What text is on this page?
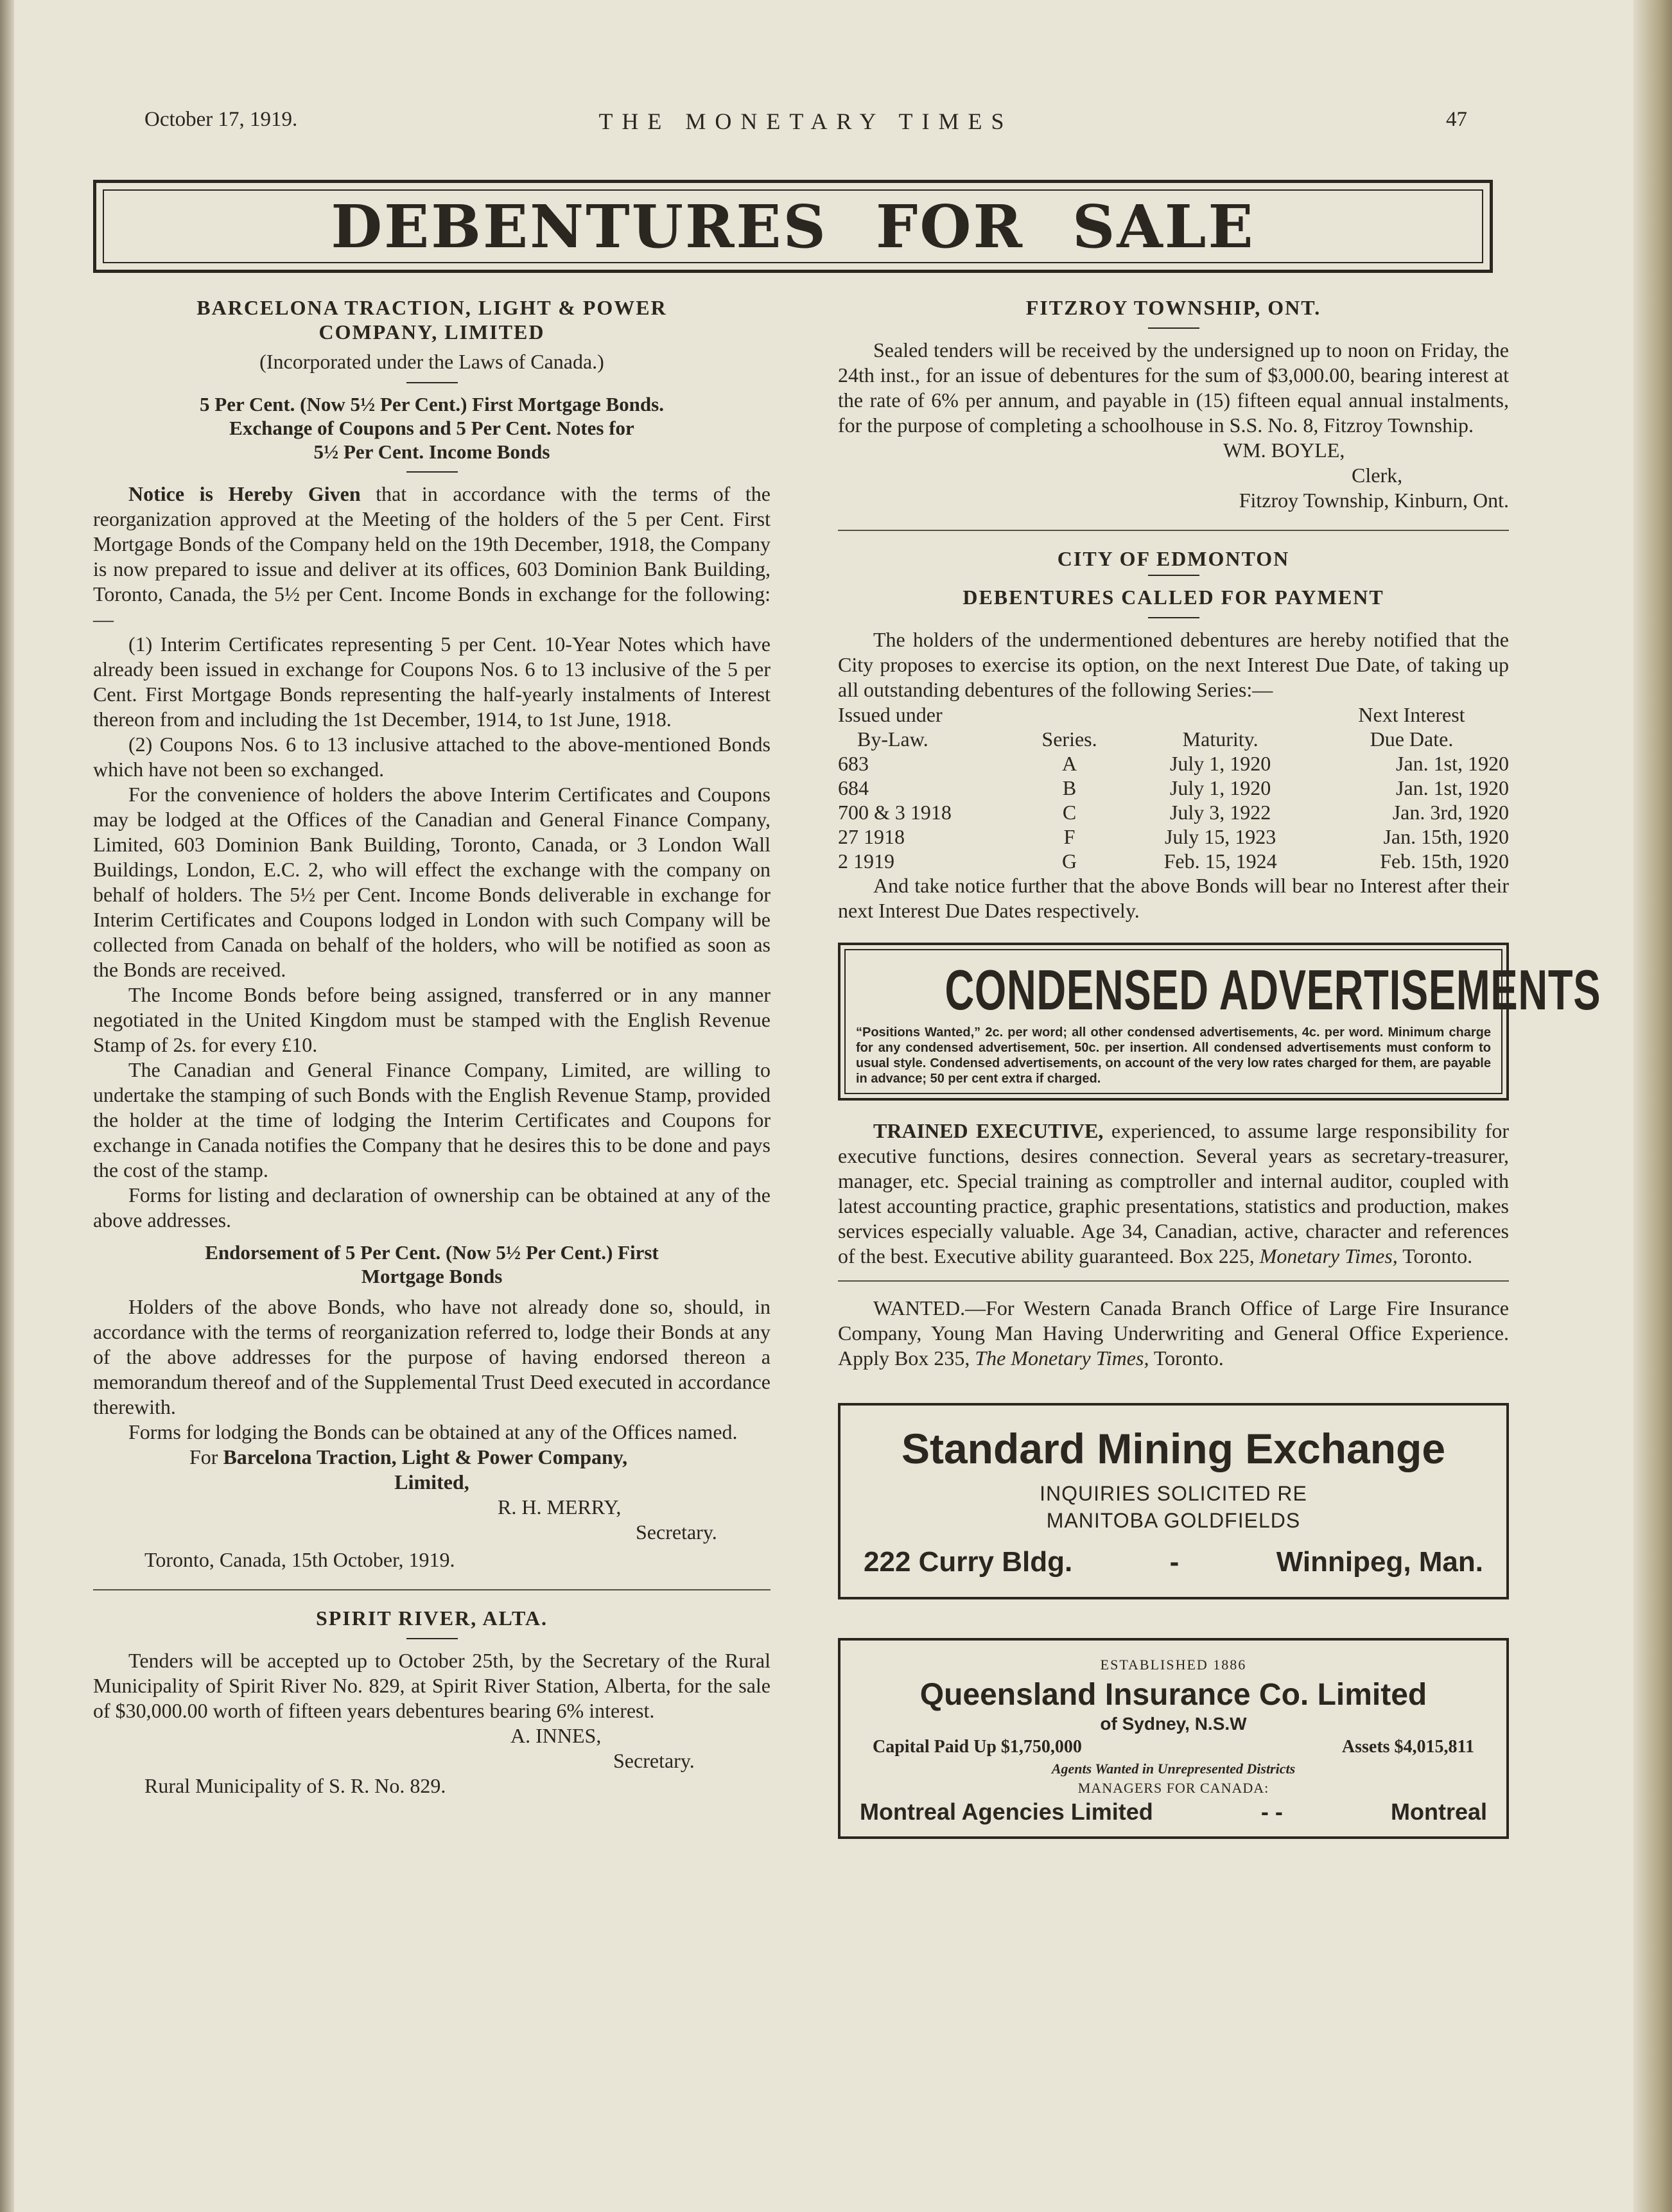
THE MONETARY TIMES
October 17, 1919.	47
DEBENTURES FOR SALE

BARCELONA TRACTION, LIGHT & POWER

COMPANY, LIMITED

(Incorporated under the Laws of Canada.)

5 Per Cent. (Now 5½ Per Cent.) First Mortgage Bonds.

Exchange of Coupons and 5 Per Cent. Notes for

5½ Per Cent. Income Bonds

Notice is Hereby Given that in accordance with the terms of the reorganization approved at the Meeting of the holders of the 5 per Cent. First Mortgage Bonds of the Company held on the 19th December, 1918, the Company is now prepared to issue and deliver at its offices, 603 Dominion Bank Building, Toronto, Canada, the 5½ per Cent. Income Bonds in exchange for the following:—

(1) Interim Certificates representing 5 per Cent. 10-Year Notes which have already been issued in exchange for Coupons Nos. 6 to 13 inclusive of the 5 per Cent. First Mortgage Bonds representing the half-yearly instalments of Interest thereon from and including the 1st December, 1914, to 1st June, 1918.

(2) Coupons Nos. 6 to 13 inclusive attached to the above-mentioned Bonds which have not been so exchanged.

For the convenience of holders the above Interim Certificates and Coupons may be lodged at the Offices of the Canadian and General Finance Company, Limited, 603 Dominion Bank Building, Toronto, Canada, or 3 London Wall Buildings, London, E.C. 2, who will effect the exchange with the company on behalf of holders. The 5½ per Cent. Income Bonds deliverable in exchange for Interim Certificates and Coupons lodged in London with such Company will be collected from Canada on behalf of the holders, who will be notified as soon as the Bonds are received.

The Income Bonds before being assigned, transferred or in any manner negotiated in the United Kingdom must be stamped with the English Revenue Stamp of 2s. for every £10.

The Canadian and General Finance Company, Limited, are willing to undertake the stamping of such Bonds with the English Revenue Stamp, provided the holder at the time of lodging the Interim Certificates and Coupons for exchange in Canada notifies the Company that he desires this to be done and pays the cost of the stamp.

Forms for listing and declaration of ownership can be obtained at any of the above addresses.

Endorsement of 5 Per Cent. (Now 5½ Per Cent.) First

Mortgage Bonds

Holders of the above Bonds, who have not already done so, should, in accordance with the terms of reorganization referred to, lodge their Bonds at any of the above addresses for the purpose of having endorsed thereon a memorandum thereof and of the Supplemental Trust Deed executed in accordance therewith.

Forms for lodging the Bonds can be obtained at any of the Offices named.

For Barcelona Traction, Light & Power Company,

Limited,

R. H. MERRY,

Secretary.

Toronto, Canada, 15th October, 1919.

SPIRIT RIVER, ALTA.

Tenders will be accepted up to October 25th, by the Secretary of the Rural Municipality of Spirit River No. 829, at Spirit River Station, Alberta, for the sale of $30,000.00 worth of fifteen years debentures bearing 6% interest.

A. INNES,

Secretary.

Rural Municipality of S. R. No. 829.

FITZROY TOWNSHIP, ONT.

Sealed tenders will be received by the undersigned up to noon on Friday, the 24th inst., for an issue of debentures for the sum of $3,000.00, bearing interest at the rate of 6% per annum, and payable in (15) fifteen equal annual instalments, for the purpose of completing a schoolhouse in S.S. No. 8, Fitzroy Township.

WM. BOYLE,

Clerk,

Fitzroy Township, Kinburn, Ont.

CITY OF EDMONTON

DEBENTURES CALLED FOR PAYMENT

The holders of the undermentioned debentures are hereby notified that the City proposes to exercise its option, on the next Interest Due Date, of taking up all outstanding debentures of the following Series:—

Issued under
By-Law.	Series.	Maturity.	Next Interest
Due Date.
683	A	July 1, 1920	Jan. 1st, 1920
684	B	July 1, 1920	Jan. 1st, 1920
700 & 3 1918	C	July 3, 1922	Jan. 3rd, 1920
27 1918	F	July 15, 1923	Jan. 15th, 1920
2 1919	G	Feb. 15, 1924	Feb. 15th, 1920

And take notice further that the above Bonds will bear no Interest after their next Interest Due Dates respectively.

CONDENSED ADVERTISEMENTS
“Positions Wanted,” 2c. per word; all other condensed advertisements, 4c. per word. Minimum charge for any condensed advertisement, 50c. per insertion. All condensed advertisements must conform to usual style. Condensed advertisements, on account of the very low rates charged for them, are payable in advance; 50 per cent extra if charged.

TRAINED EXECUTIVE, experienced, to assume large responsibility for executive functions, desires connection. Several years as secretary-treasurer, manager, etc. Special training as comptroller and internal auditor, coupled with latest accounting practice, graphic presentations, statistics and production, makes services especially valuable. Age 34, Canadian, active, character and references of the best. Executive ability guaranteed. Box 225, Monetary Times, Toronto.

WANTED.—For Western Canada Branch Office of Large Fire Insurance Company, Young Man Having Underwriting and General Office Experience. Apply Box 235, The Monetary Times, Toronto.

Standard Mining Exchange
INQUIRIES SOLICITED RE
MANITOBA GOLDFIELDS
222 Curry Bldg.	-	Winnipeg, Man.
ESTABLISHED 1886
Queensland Insurance Co. Limited
of Sydney, N.S.W
Capital Paid Up $1,750,000	Assets $4,015,811
Agents Wanted in Unrepresented Districts
MANAGERS FOR CANADA:
Montreal Agencies Limited	- -	Montreal
